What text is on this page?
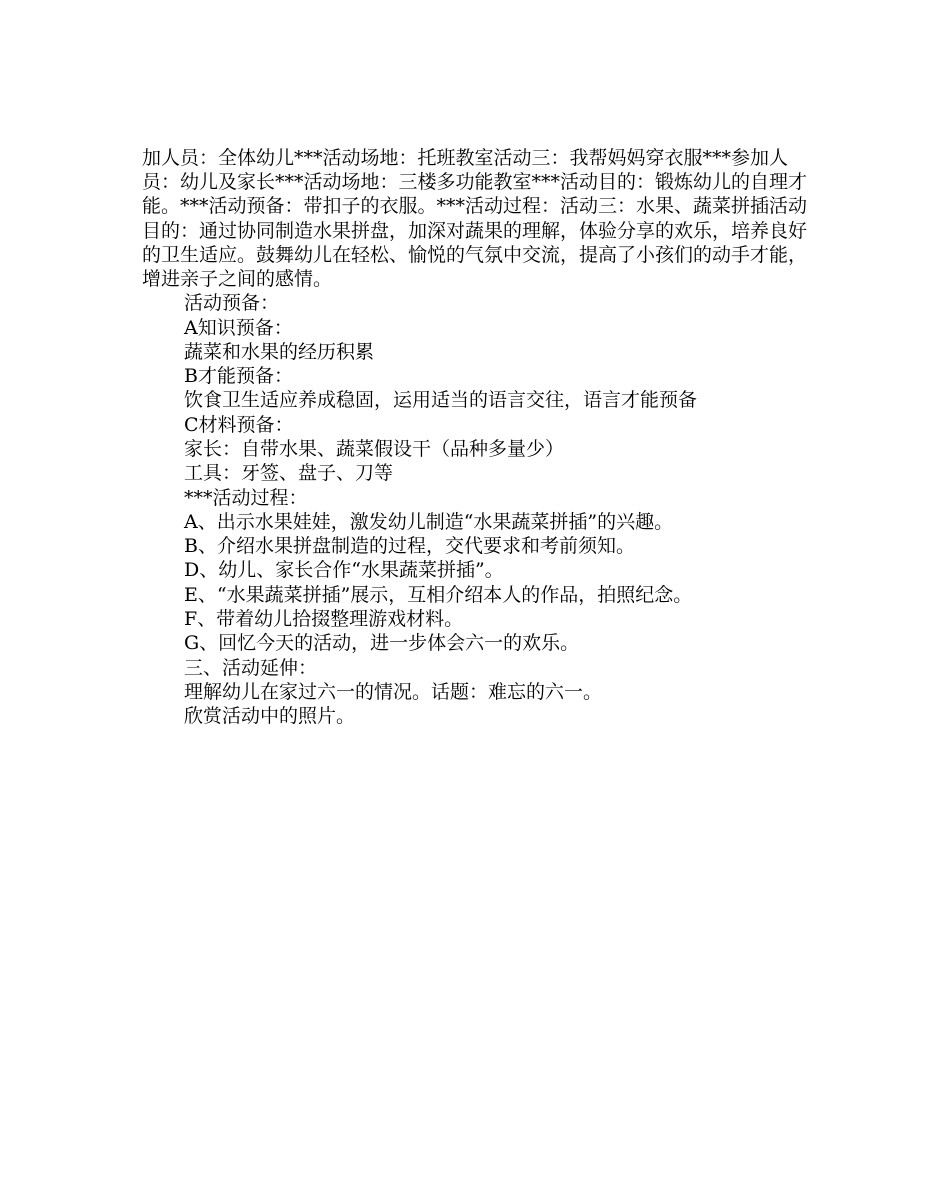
加人员：全体幼儿***活动场地：托班教室活动三：我帮妈妈穿衣服***参加人员：幼儿及家长***活动场地：三楼多功能教室***活动目的：锻炼幼儿的自理才能。***活动预备：带扣子的衣服。***活动过程：活动三：水果、蔬菜拼插活动目的：通过协同制造水果拼盘，加深对蔬果的理解，体验分享的欢乐，培养良好的卫生适应。鼓舞幼儿在轻松、愉悦的气氛中交流，提高了小孩们的动手才能，增进亲子之间的感情。

活动预备：

A知识预备：

蔬菜和水果的经历积累

B才能预备：

饮食卫生适应养成稳固，运用适当的语言交往，语言才能预备

C材料预备：

家长：自带水果、蔬菜假设干（品种多量少）

工具：牙签、盘子、刀等

***活动过程：

A、出示水果娃娃，激发幼儿制造“水果蔬菜拼插”的兴趣。

B、介绍水果拼盘制造的过程，交代要求和考前须知。

D、幼儿、家长合作“水果蔬菜拼插”。

E、“水果蔬菜拼插”展示，互相介绍本人的作品，拍照纪念。

F、带着幼儿拾掇整理游戏材料。

G、回忆今天的活动，进一步体会六一的欢乐。

三、活动延伸：

理解幼儿在家过六一的情况。话题：难忘的六一。

欣赏活动中的照片。
